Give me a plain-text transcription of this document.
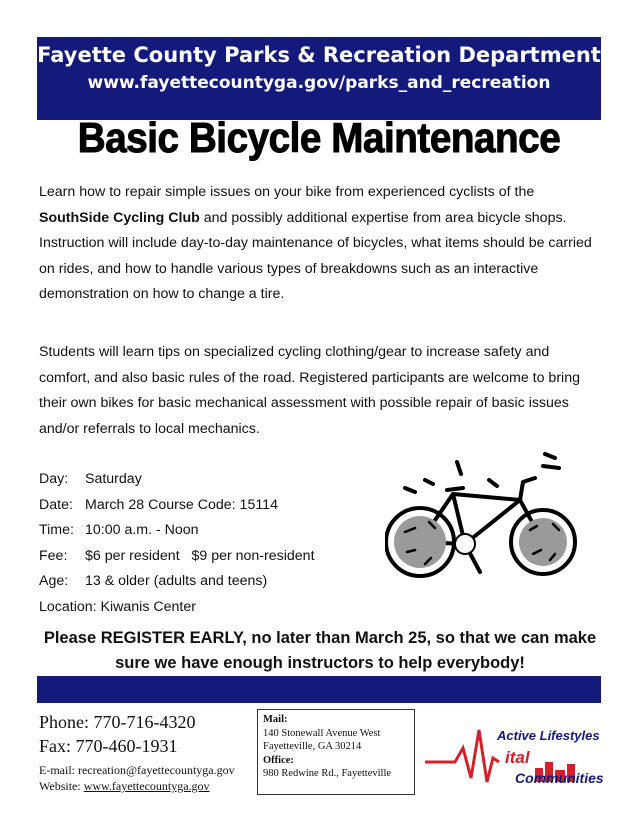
Fayette County Parks & Recreation Department
www.fayettecountyga.gov/parks_and_recreation
Basic Bicycle Maintenance

Learn how to repair simple issues on your bike from experienced cyclists of the
SouthSide Cycling Club and possibly additional expertise from area bicycle shops. Instruction will include day-to-day maintenance of bicycles, what items should be carried on rides, and how to handle various types of breakdowns such as an interactive demonstration on how to change a tire.

Students will learn tips on specialized cycling clothing/gear to increase safety and comfort, and also basic rules of the road. Registered participants are welcome to bring their own bikes for basic mechanical assessment with possible repair of basic issues and/or referrals to local mechanics.

Day:	Saturday
Date: March 28 Course Code: 15114
Time: 10:00 a.m. - Noon
Fee:	$6 per resident   $9 per non-resident
Age:	13 & older (adults and teens)
Location: Kiwanis Center
Please REGISTER EARLY, no later than March 25, so that we can make sure we have enough instructors to help everybody!
Phone: 770-716-4320
Fax: 770-460-1931
E-mail: recreation@fayettecountyga.gov
Website: www.fayettecountyga.gov
Mail:
140 Stonewall Avenue West
Fayetteville, GA 30214
Office:
980 Redwine Rd., Fayetteville
Active Lifestyles
ital
Communities
